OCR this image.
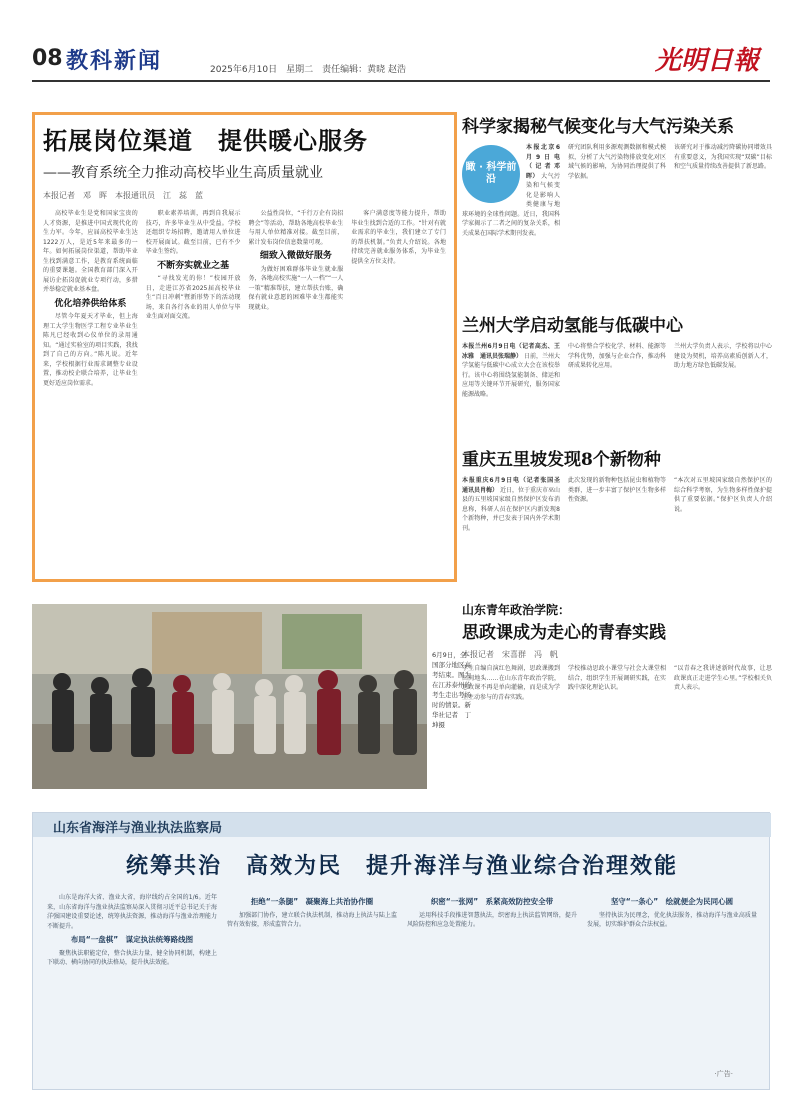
08 教科新闻	2025年6月10日　星期二　责任编辑：黄晓 赵浩	光明日報
拓展岗位渠道　提供暖心服务
——教育系统全力推动高校毕业生高质量就业
本报记者　邓　晖　本报通讯员　江　蕊　蓝

高校毕业生是党和国家宝贵的人才资源，是推进中国式现代化的生力军。今年，应届高校毕业生达1222万人，是近5年来最多的一年。如何拓展岗位渠道，帮助毕业生找到满意工作，是教育系统面临的重要课题。全国教育部门深入开展访企拓岗促就业专项行动，多措并举稳定就业基本盘。

优化培养供给体系

尽管今年夏天才毕业，但上海理工大学生物医学工程专业毕业生陈凡已经收到心仪单位的录用通知。“通过实验室的项目实践，我找到了自己的方向。”陈凡说。近年来，学校根据行业需求调整专业设置，推动校企联合培养，让毕业生更好适应岗位需求。

职业素养培训，再到自我展示技巧，许多毕业生从中受益。学校还组织专场招聘，邀请用人单位进校开展面试。截至目前，已有不少毕业生签约。

不断夯实就业之基

“寻找发光的你！”校园开放日，走进江苏省2025届高校毕业生“百日冲刺”暨新形势下的活动现场，来自各行各业的用人单位与毕业生面对面交流。

公益性岗位，“千行万企有岗招聘会”等活动，帮助各地高校毕业生与用人单位精准对接。截至目前，累计发布岗位信息数量可观。

细致入微做好服务

为做好困难群体毕业生就业服务，各地高校实施“一人一档”“一人一策”精准帮扶，建立帮扶台账，确保有就业意愿的困难毕业生都能实现就业。

客户满意度等能力提升，帮助毕业生找到合适的工作。“针对有就业需求的毕业生，我们建立了专门的帮扶机制。”负责人介绍说。各地持续完善就业服务体系，为毕业生提供全方位支持。

科学家揭秘气候变化与大气污染关系
瞰 · 科学前沿
本报北京6月9日电（记者邓晖） 大气污染和气候变化是影响人类健康与地球环境的全球性问题。近日，我国科学家揭示了二者之间的复杂关系，相关成果在国际学术期刊发表。
研究团队利用多源观测数据和模式模拟，分析了大气污染物排放变化对区域气候的影响，为协同治理提供了科学依据。
该研究对于推动减污降碳协同增效具有重要意义，为我国实现“双碳”目标和空气质量持续改善提供了新思路。
兰州大学启动氢能与低碳中心
本报兰州6月9日电（记者高杰、王冰雅　通讯员张瑞静） 日前，兰州大学氢能与低碳中心成立大会在该校举行。该中心将围绕氢能制备、储运和应用等关键环节开展研究，服务国家能源战略。
中心将整合学校化学、材料、能源等学科优势，加强与企业合作，推动科研成果转化应用。
兰州大学负责人表示，学校将以中心建设为契机，培养高素质创新人才，助力地方绿色低碳发展。
重庆五里坡发现8个新物种
本报重庆6月9日电（记者张国圣　通讯员肖梅） 近日，位于重庆市巫山县的五里坡国家级自然保护区发布消息称，科研人员在保护区内新发现8个新物种，并已发表于国内外学术期刊。
此次发现的新物种包括昆虫和植物等类群，进一步丰富了保护区生物多样性资源。
“本次对五里坡国家级自然保护区的综合科学考察，为生物多样性保护提供了重要依据。”保护区负责人介绍说。
山东青年政治学院：
思政课成为走心的青春实践
本报记者　宋喜群　冯　帆
学生自编自演红色舞剧，思政课搬到田间地头……在山东青年政治学院，思政课不再是单向灌输，而是成为学生主动参与的青春实践。
学校推动思政小课堂与社会大课堂相结合，组织学生开展调研实践，在实践中深化理论认识。
“以青春之我讲述新时代故事，让思政课真正走进学生心里。”学校相关负责人表示。
6月9日，全国部分地区高考结束。图为在江苏泰州的考生走出考场时的情景。新华社记者　丁坤摄
山东省海洋与渔业执法监察局
统筹共治　高效为民　提升海洋与渔业综合治理效能

山东是海洋大省、渔业大省，海岸线约占全国的1/6。近年来，山东省海洋与渔业执法监察局深入贯彻习近平总书记关于海洋强国建设重要论述，统筹执法资源，推动海洋与渔业治理能力不断提升。

布局“一盘棋”　谋定执法统筹路线图

聚焦执法职能定位，整合执法力量，健全协同机制，构建上下联动、横向协同的执法格局，提升执法效能。

拒绝“一条腿”　凝聚海上共治协作圈

加强部门协作，建立联合执法机制，推动海上执法与陆上监管有效衔接，形成监管合力。

织密“一张网”　系紧高效防控安全带

运用科技手段推进智慧执法，织密海上执法监管网络，提升风险防控和应急处置能力。

坚守“一条心”　绘就便企为民同心圆

坚持执法为民理念，优化执法服务，推动海洋与渔业高质量发展，切实维护群众合法权益。

·广告·
